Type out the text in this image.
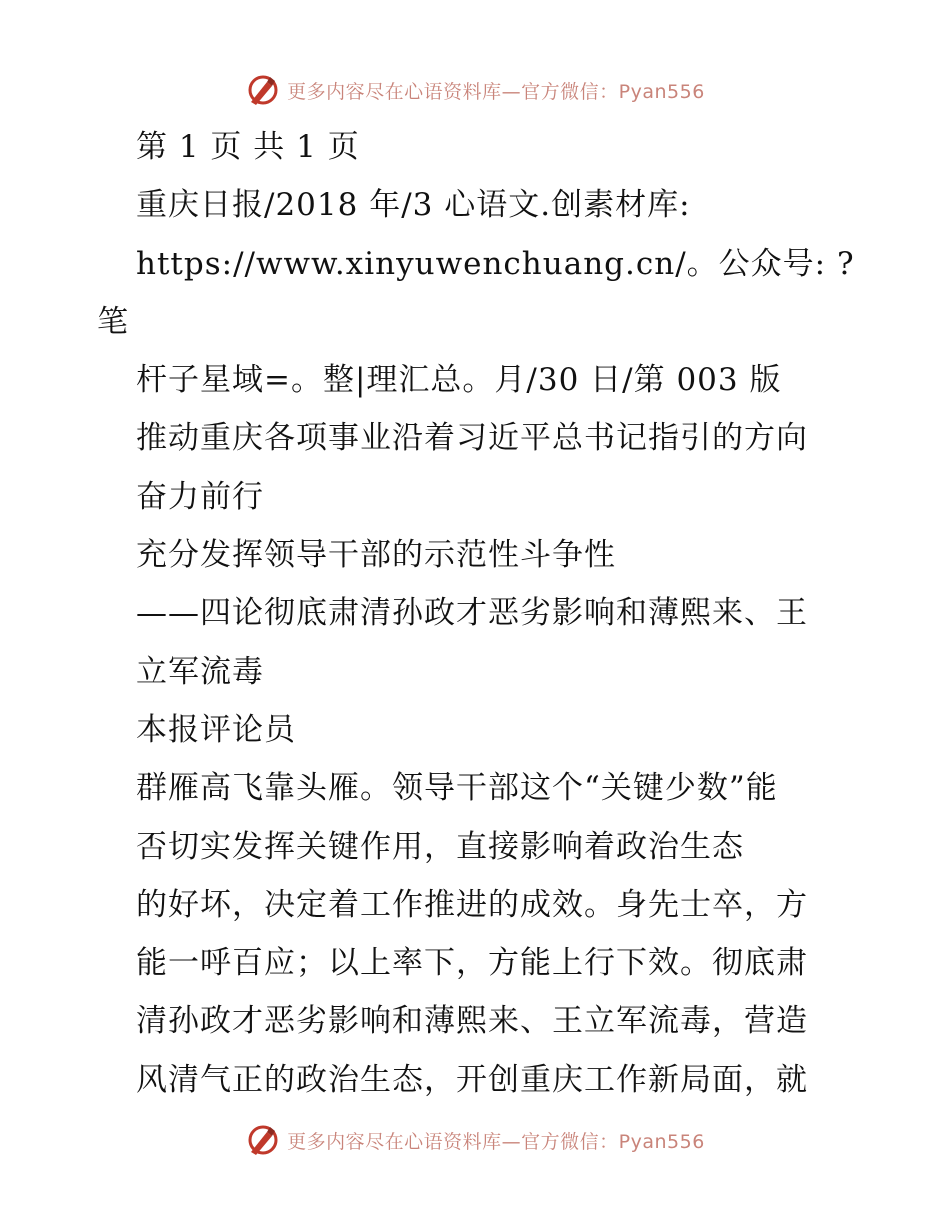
更多内容尽在心语资料库—官方微信：Pyan556

第 1 页 共 1 页

重庆日报/2018 年/3 心语文.创素材库:
https://www.xinyuwenchuang.cn/。公众号: ?笔
杆子星域=。整|理汇总。月/30 日/第 003 版

推动重庆各项事业沿着习近平总书记指引的方向
奋力前行

充分发挥领导干部的示范性斗争性

——四论彻底肃清孙政才恶劣影响和薄熙来、王
立军流毒

本报评论员

群雁高飞靠头雁。领导干部这个“关键少数”能
否切实发挥关键作用，直接影响着政治生态

的好坏，决定着工作推进的成效。身先士卒，方
能一呼百应；以上率下，方能上行下效。彻底肃

清孙政才恶劣影响和薄熙来、王立军流毒，营造
风清气正的政治生态，开创重庆工作新局面，就

更多内容尽在心语资料库—官方微信：Pyan556
